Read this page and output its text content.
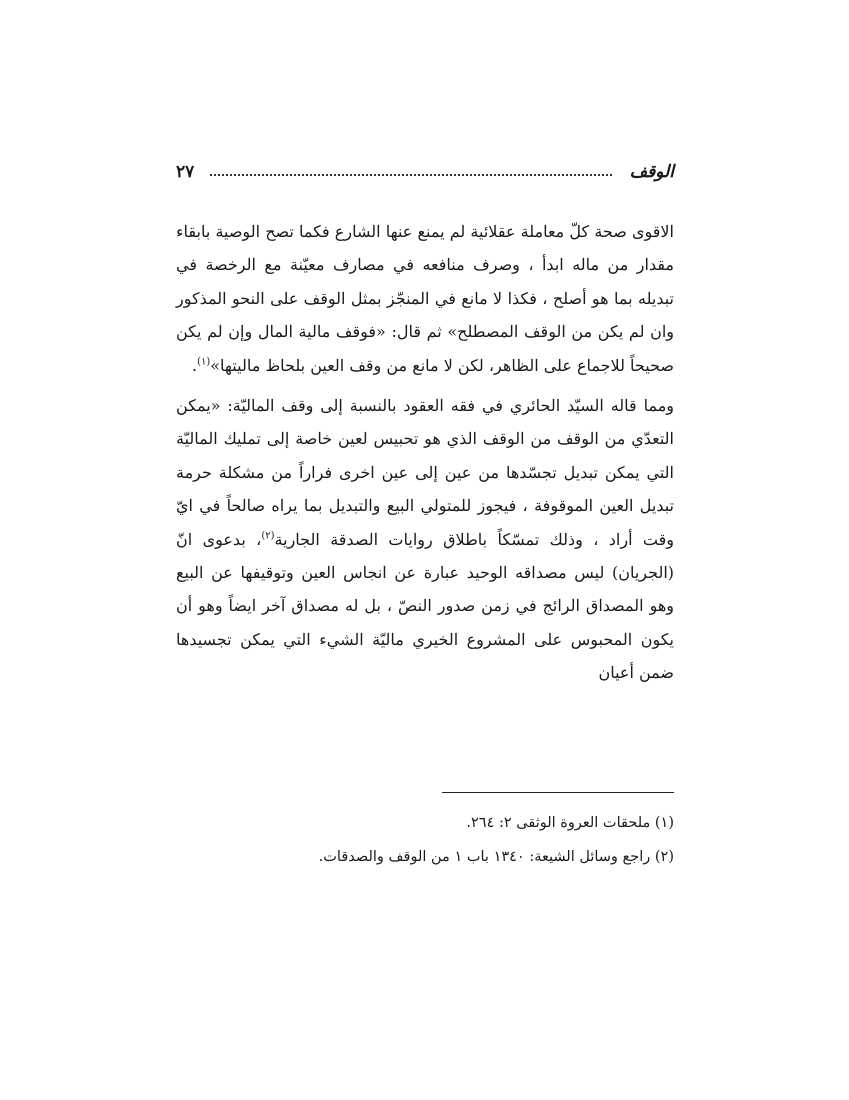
الوقف
٢٧

الاقوى صحة كلّ معاملة عقلائية لم يمنع عنها الشارع فكما تصح الوصية بابقاء مقدار من ماله ابدأ ، وصرف منافعه في مصارف معيّنة مع الرخصة في تبديله بما هو أصلح ، فكذا لا مانع في المنجّز بمثل الوقف على النحو المذكور وان لم يكن من الوقف المصطلح» ثم قال: «فوقف مالية المال وإن لم يكن صحيحاً للاجماع على الظاهر، لكن لا مانع من وقف العين بلحاظ ماليتها»$^{(١)}$.

ومما قاله السيّد الحائري في فقه العقود بالنسبة إلى وقف الماليّة: «يمكن التعدّي من الوقف من الوقف الذي هو تحبيس لعين خاصة إلى تمليك الماليّة التي يمكن تبديل تجسّدها من عين إلى عين اخرى فراراً من مشكلة حرمة تبديل العين الموقوفة ، فيجوز للمتولي البيع والتبديل بما يراه صالحاً في ايّ وقت أراد ، وذلك تمسّكاً باطلاق روايات الصدقة الجارية$^{(٢)}$، بدعوى انّ (الجريان) ليس مصداقه الوحيد عبارة عن انجاس العين وتوقيفها عن البيع وهو المصداق الرائج في زمن صدور النصّ ، بل له مصداق آخر ايضاً وهو أن يكون المحبوس على المشروع الخيري ماليّة الشيء التي يمكن تجسيدها ضمن أعيان

(١) ملحقات العروة الوثقى ٢: ٢٦٤.

(٢) راجع وسائل الشيعة: ١٣٤٠ باب ١ من الوقف والصدقات.
